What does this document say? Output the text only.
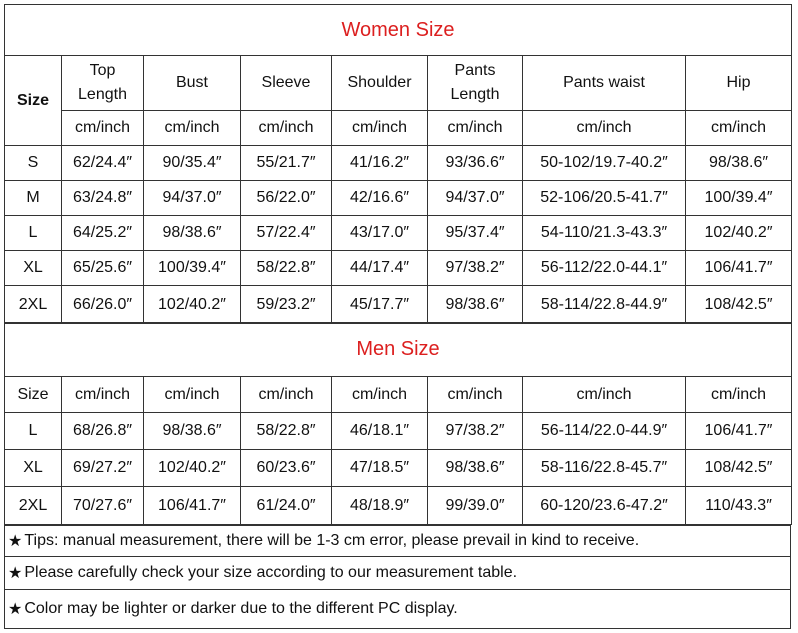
Women Size							
Size	Top Length	Bust	Sleeve	Shoulder	Pants Length	Pants waist	Hip
	cm/inch	cm/inch	cm/inch	cm/inch	cm/inch	cm/inch	cm/inch
S	62/24.4″	90/35.4″	55/21.7″	41/16.2″	93/36.6″	50-102/19.7-40.2″	98/38.6″
M	63/24.8″	94/37.0″	56/22.0″	42/16.6″	94/37.0″	52-106/20.5-41.7″	100/39.4″
L	64/25.2″	98/38.6″	57/22.4″	43/17.0″	95/37.4″	54-110/21.3-43.3″	102/40.2″
XL	65/25.6″	100/39.4″	58/22.8″	44/17.4″	97/38.2″	56-112/22.0-44.1″	106/41.7″
2XL	66/26.0″	102/40.2″	59/23.2″	45/17.7″	98/38.6″	58-114/22.8-44.9″	108/42.5″
Men Size							
Size	cm/inch	cm/inch	cm/inch	cm/inch	cm/inch	cm/inch	cm/inch
L	68/26.8″	98/38.6″	58/22.8″	46/18.1″	97/38.2″	56-114/22.0-44.9″	106/41.7″
XL	69/27.2″	102/40.2″	60/23.6″	47/18.5″	98/38.6″	58-116/22.8-45.7″	108/42.5″
2XL	70/27.6″	106/41.7″	61/24.0″	48/18.9″	99/39.0″	60-120/23.6-47.2″	110/43.3″
★ Tips: manual measurement, there will be 1-3 cm error, please prevail in kind to receive.
★ Please carefully check your size according to our measurement table.
★ Color may be lighter or darker due to the different PC display.
